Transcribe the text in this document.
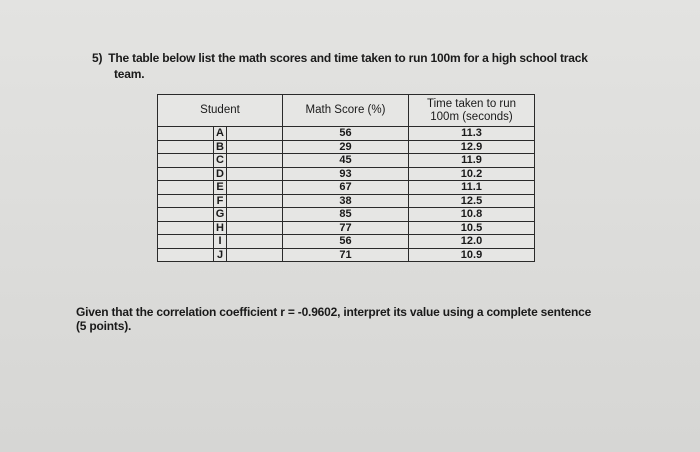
5) The table below list the math scores and time taken to run 100m for a high school track
team.
Student	Math Score (%)	Time taken to run
100m (seconds)

A	56	11.3
B	29	12.9
C	45	11.9
D	93	10.2
E	67	11.1
F	38	12.5
G	85	10.8
H	77	10.5
I	56	12.0
J	71	10.9
Given that the correlation coefficient r = -0.9602, interpret its value using a complete sentence
(5 points).
